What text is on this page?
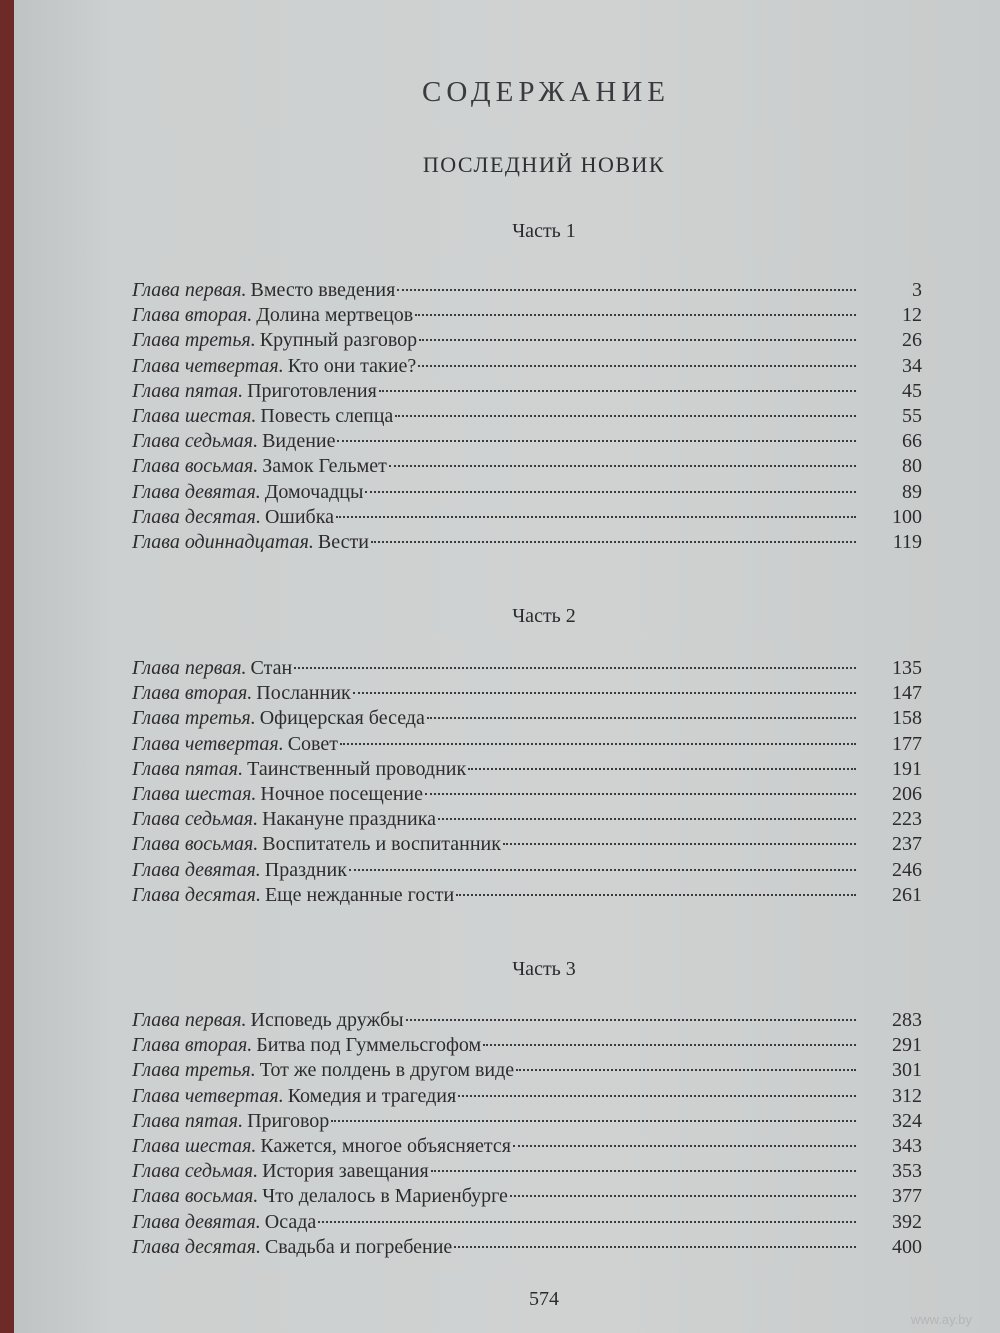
СОДЕРЖАНИЕ
ПОСЛЕДНИЙ НОВИК
Часть 1
Глава первая. Вместо введения	3
Глава вторая. Долина мертвецов	12
Глава третья. Крупный разговор	26
Глава четвертая. Кто они такие?	34
Глава пятая. Приготовления	45
Глава шестая. Повесть слепца	55
Глава седьмая. Видение	66
Глава восьмая. Замок Гельмет	80
Глава девятая. Домочадцы	89
Глава десятая. Ошибка	100
Глава одиннадцатая. Вести	119
Часть 2
Глава первая. Стан	135
Глава вторая. Посланник	147
Глава третья. Офицерская беседа	158
Глава четвертая. Совет	177
Глава пятая. Таинственный проводник	191
Глава шестая. Ночное посещение	206
Глава седьмая. Накануне праздника	223
Глава восьмая. Воспитатель и воспитанник	237
Глава девятая. Праздник	246
Глава десятая. Еще нежданные гости	261
Часть 3
Глава первая. Исповедь дружбы	283
Глава вторая. Битва под Гуммельсгофом	291
Глава третья. Тот же полдень в другом виде	301
Глава четвертая. Комедия и трагедия	312
Глава пятая. Приговор	324
Глава шестая. Кажется, многое объясняется	343
Глава седьмая. История завещания	353
Глава восьмая. Что делалось в Мариенбурге	377
Глава девятая. Осада	392
Глава десятая. Свадьба и погребение	400
574
www.ay.by
